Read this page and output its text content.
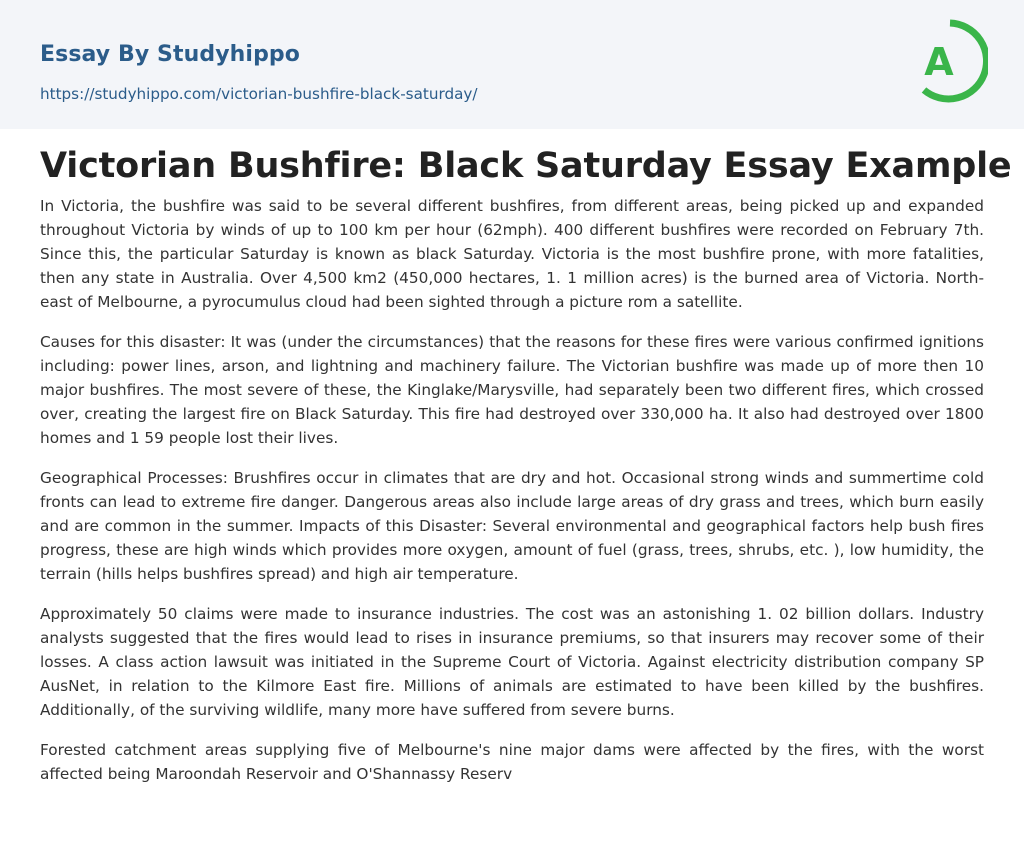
Essay By Studyhippo
https://studyhippo.com/victorian-bushfire-black-saturday/
A
Victorian Bushfire: Black Saturday Essay Example

In Victoria, the bushfire was said to be several different bushfires, from different areas, being picked up and expanded throughout Victoria by winds of up to 100 km per hour (62mph). 400 different bushfires were recorded on February 7th. Since this, the particular Saturday is known as black Saturday. Victoria is the most bushfire prone, with more fatalities, then any state in Australia. Over 4,500 km2 (450,000 hectares, 1. 1 million acres) is the burned area of Victoria. North-east of Melbourne, a pyrocumulus cloud had been sighted through a picture rom a satellite.

Causes for this disaster: It was (under the circumstances) that the reasons for these fires were various confirmed ignitions including: power lines, arson, and lightning and machinery failure. The Victorian bushfire was made up of more then 10 major bushfires. The most severe of these, the Kinglake/Marysville, had separately been two different fires, which crossed over, creating the largest fire on Black Saturday. This fire had destroyed over 330,000 ha. It also had destroyed over 1800 homes and 1 59 people lost their lives.

Geographical Processes: Brushfires occur in climates that are dry and hot. Occasional strong winds and summertime cold fronts can lead to extreme fire danger. Dangerous areas also include large areas of dry grass and trees, which burn easily and are common in the summer. Impacts of this Disaster: Several environmental and geographical factors help bush fires progress, these are high winds which provides more oxygen, amount of fuel (grass, trees, shrubs, etc. ), low humidity, the terrain (hills helps bushfires spread) and high air temperature.

Approximately 50 claims were made to insurance industries. The cost was an astonishing 1. 02 billion dollars. Industry analysts suggested that the fires would lead to rises in insurance premiums, so that insurers may recover some of their losses. A class action lawsuit was initiated in the Supreme Court of Victoria. Against electricity distribution company SP AusNet, in relation to the Kilmore East fire. Millions of animals are estimated to have been killed by the bushfires. Additionally, of the surviving wildlife, many more have suffered from severe burns.

Forested catchment areas supplying five of Melbourne's nine major dams were affected by the fires, with the worst affected being Maroondah Reservoir and O'Shannassy Reserv
